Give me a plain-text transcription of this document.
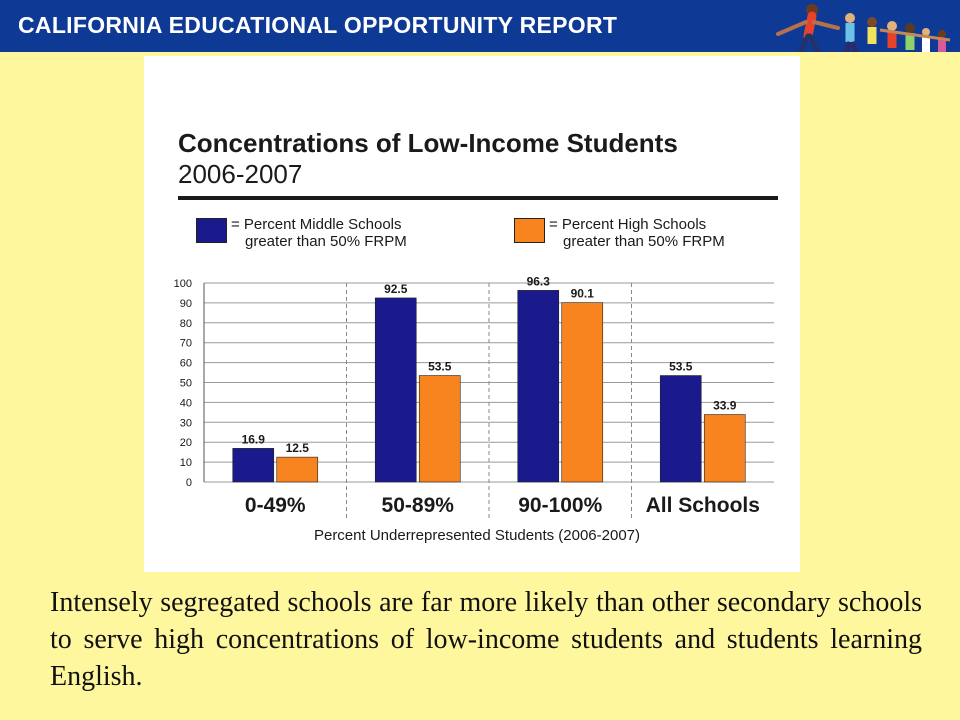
CALIFORNIA EDUCATIONAL OPPORTUNITY REPORT
Concentrations of Low-Income Students
2006-2007
= Percent Middle Schools
greater than 50% FRPM
= Percent High Schools
greater than 50% FRPM
0
10
20
30
40
50
60
70
80
90
100
16.9
12.5
0-49%
92.5
53.5
50-89%
96.3
90.1
90-100%
53.5
33.9
All Schools
Percent Underrepresented Students (2006-2007)
Intensely segregated schools are far more likely than other secondary schools to serve high concentrations of low-income students and students learning English.
